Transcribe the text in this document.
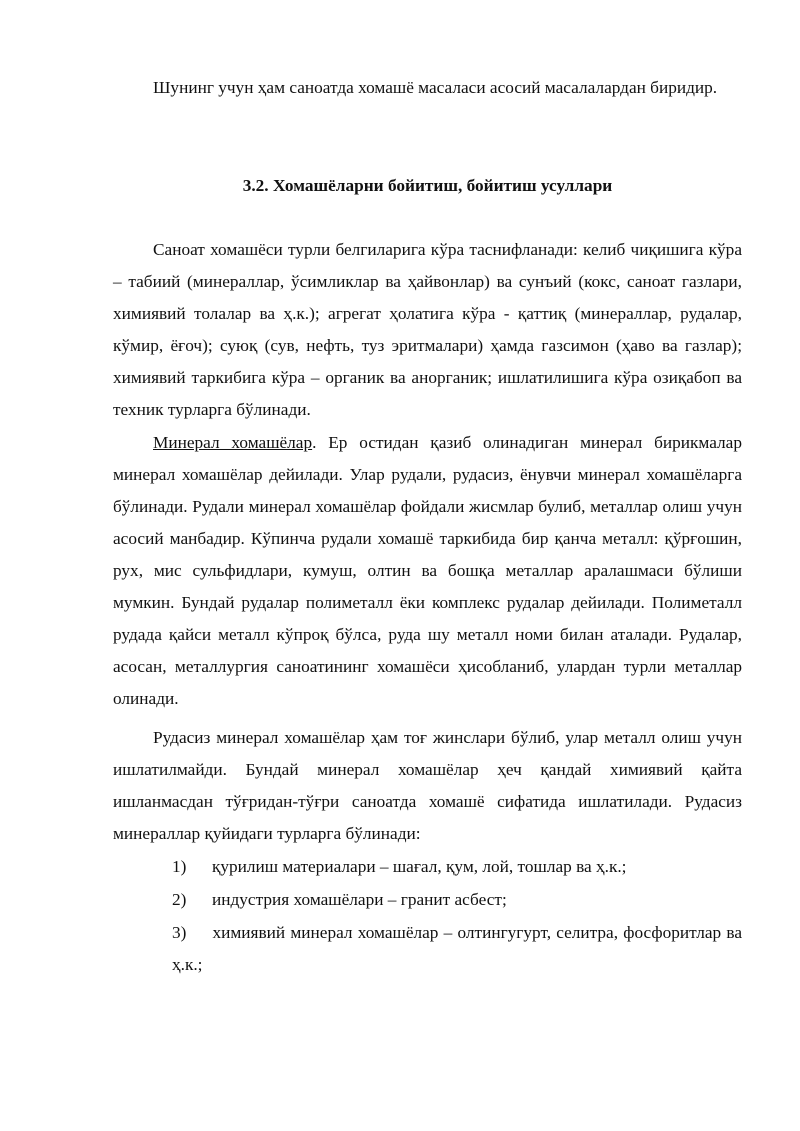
Шунинг учун ҳам саноатда хомашё масаласи асосий масалалардан биридир.

3.2. Хомашёларни бойитиш, бойитиш усуллари

Саноат хомашёси турли белгиларига кўра таснифланади: келиб чиқишига кўра – табиий (минераллар, ўсимликлар ва ҳайвонлар) ва сунъий (кокс, саноат газлари, химиявий толалар ва ҳ.к.); агрегат ҳолатига кўра - қаттиқ (минераллар, рудалар, кўмир, ёғоч); суюқ (сув, нефть, туз эритмалари) ҳамда газсимон (ҳаво ва газлар); химиявий таркибига кўра – органик ва анорганик; ишлатилишига кўра озиқабоп ва техник турларга бўлинади.

Минерал хомашёлар. Ер остидан қазиб олинадиган минерал бирикмалар минерал хомашёлар дейилади. Улар рудали, рудасиз, ёнувчи минерал хомашёларга бўлинади. Рудали минерал хомашёлар фойдали жисмлар булиб, металлар олиш учун асосий манбадир. Кўпинча рудали хомашё таркибида бир қанча металл: қўрғошин, рух, мис сульфидлари, кумуш, олтин ва бошқа металлар аралашмаси бўлиши мумкин. Бундай рудалар полиметалл ёки комплекс рудалар дейилади. Полиметалл рудада қайси металл кўпроқ бўлса, руда шу металл номи билан аталади. Рудалар, асосан, металлургия саноатининг хомашёси ҳисобланиб, улардан турли металлар олинади.

Рудасиз минерал хомашёлар ҳам тоғ жинслари бўлиб, улар металл олиш учун ишлатилмайди. Бундай минерал хомашёлар ҳеч қандай химиявий қайта ишланмасдан тўғридан-тўғри саноатда хомашё сифатида ишлатилади. Рудасиз минераллар қуйидаги турларга бўлинади:

1)	қурилиш материалари – шағал, қум, лой, тошлар ва ҳ.к.;
2)	индустрия хомашёлари – гранит асбест;

3) химиявий минерал хомашёлар – олтингугурт, селитра, фосфоритлар ва ҳ.к.;
